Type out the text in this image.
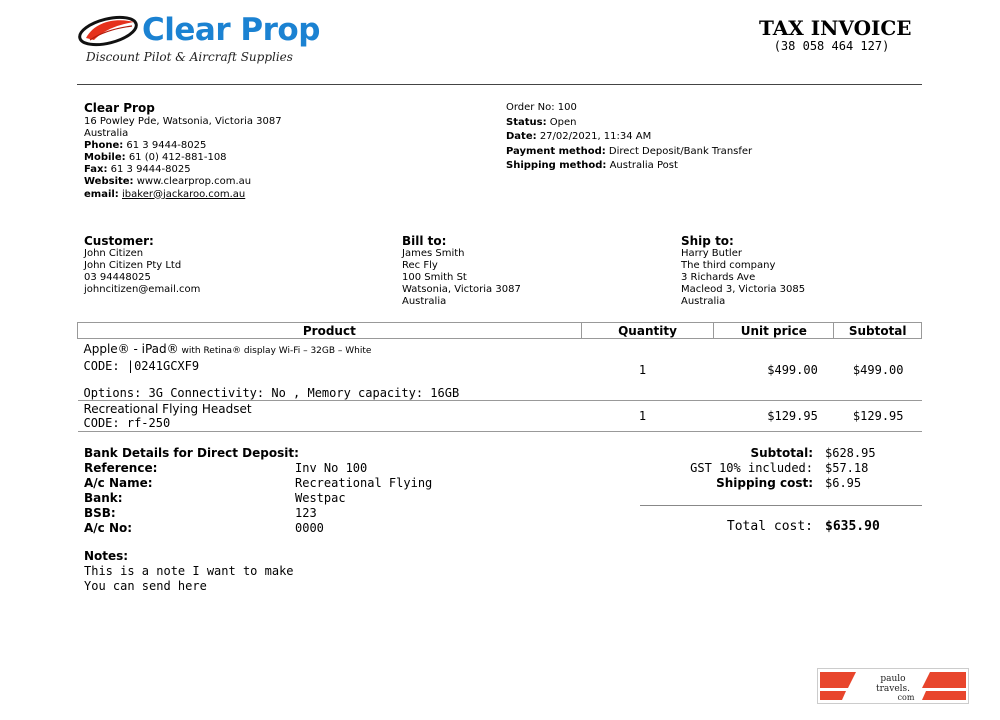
Clear Prop
Discount Pilot & Aircraft Supplies
TAX INVOICE
(38 058 464 127)
Clear Prop
16 Powley Pde, Watsonia, Victoria 3087
Australia
Phone: 61 3 9444-8025
Mobile: 61 (0) 412-881-108
Fax: 61 3 9444-8025
Website: www.clearprop.com.au
email: ibaker@jackaroo.com.au
Order No: 100
Status: Open
Date: 27/02/2021, 11:34 AM
Payment method: Direct Deposit/Bank Transfer
Shipping method: Australia Post
Customer:
John Citizen
John Citizen Pty Ltd
03 94448025
johncitizen@email.com
Bill to:
James Smith
Rec Fly
100 Smith St
Watsonia, Victoria 3087
Australia
Ship to:
Harry Butler
The third company
3 Richards Ave
Macleod 3, Victoria 3085
Australia
Product	Quantity	Unit price	Subtotal

Apple® - iPad® with Retina® display Wi-Fi – 32GB – White
CODE: |0241GCXF9
Options: 3G Connectivity: No , Memory capacity: 16GB	1	$499.00	$499.00

Recreational Flying Headset
CODE: rf-250	1	$129.95	$129.95
Bank Details for Direct Deposit:
Reference:	Inv No 100
A/c Name:	Recreational Flying
Bank:	Westpac
BSB:	123
A/c No:	0000
Subtotal: $628.95
GST 10% included: $57.18
Shipping cost: $6.95
Total cost: $635.90
Notes:
This is a note I want to make
You can send here
paulo
travels.
com
